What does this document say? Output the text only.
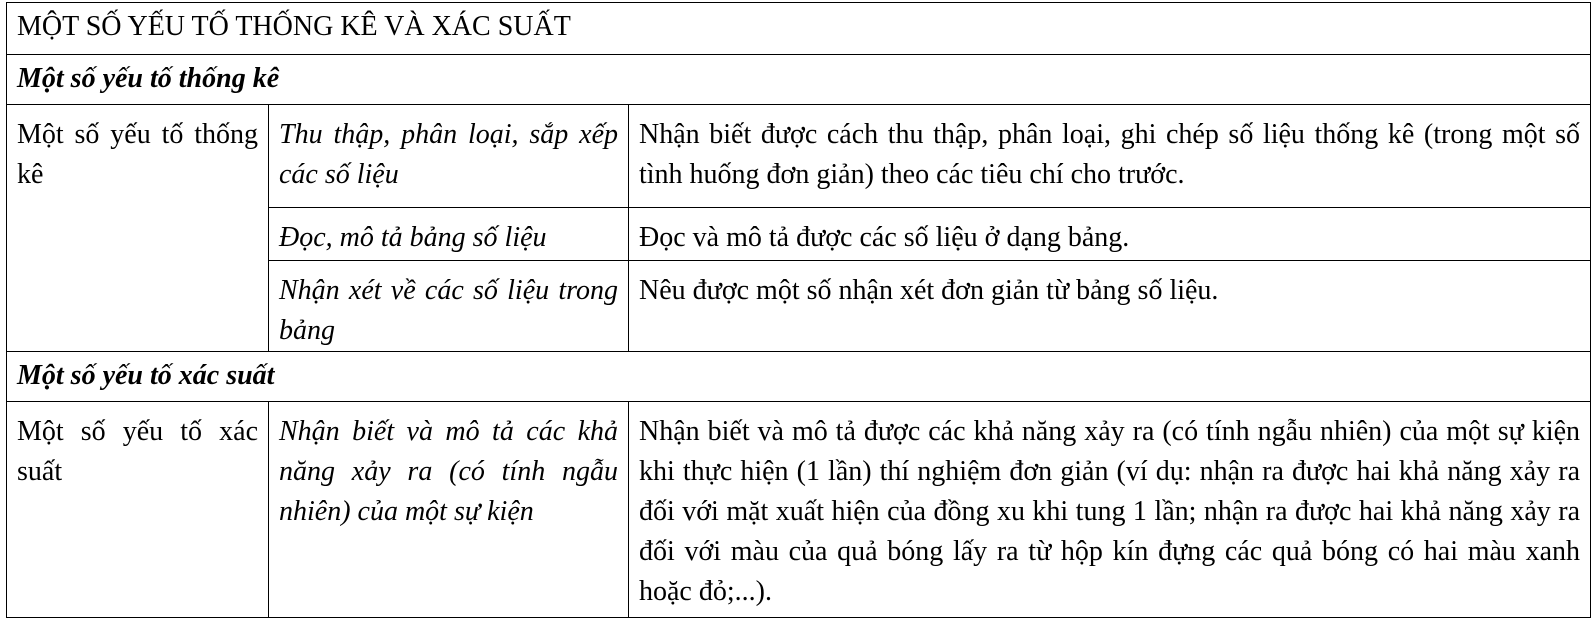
MỘT SỐ YẾU TỐ THỐNG KÊ VÀ XÁC SUẤT		
Một số yếu tố thống kê		
Một số yếu tố thống kê	Thu thập, phân loại, sắp xếp các số liệu	Nhận biết được cách thu thập, phân loại, ghi chép số liệu thống kê (trong một số tình huống đơn giản) theo các tiêu chí cho trước.
	Đọc, mô tả bảng số liệu	Đọc và mô tả được các số liệu ở dạng bảng.
	Nhận xét về các số liệu trong bảng	Nêu được một số nhận xét đơn giản từ bảng số liệu.
Một số yếu tố xác suất		
Một số yếu tố xác suất	Nhận biết và mô tả các khả năng xảy ra (có tính ngẫu nhiên) của một sự kiện	Nhận biết và mô tả được các khả năng xảy ra (có tính ngẫu nhiên) của một sự kiện khi thực hiện (1 lần) thí nghiệm đơn giản (ví dụ: nhận ra được hai khả năng xảy ra đối với mặt xuất hiện của đồng xu khi tung 1 lần; nhận ra được hai khả năng xảy ra đối với màu của quả bóng lấy ra từ hộp kín đựng các quả bóng có hai màu xanh hoặc đỏ;...).
